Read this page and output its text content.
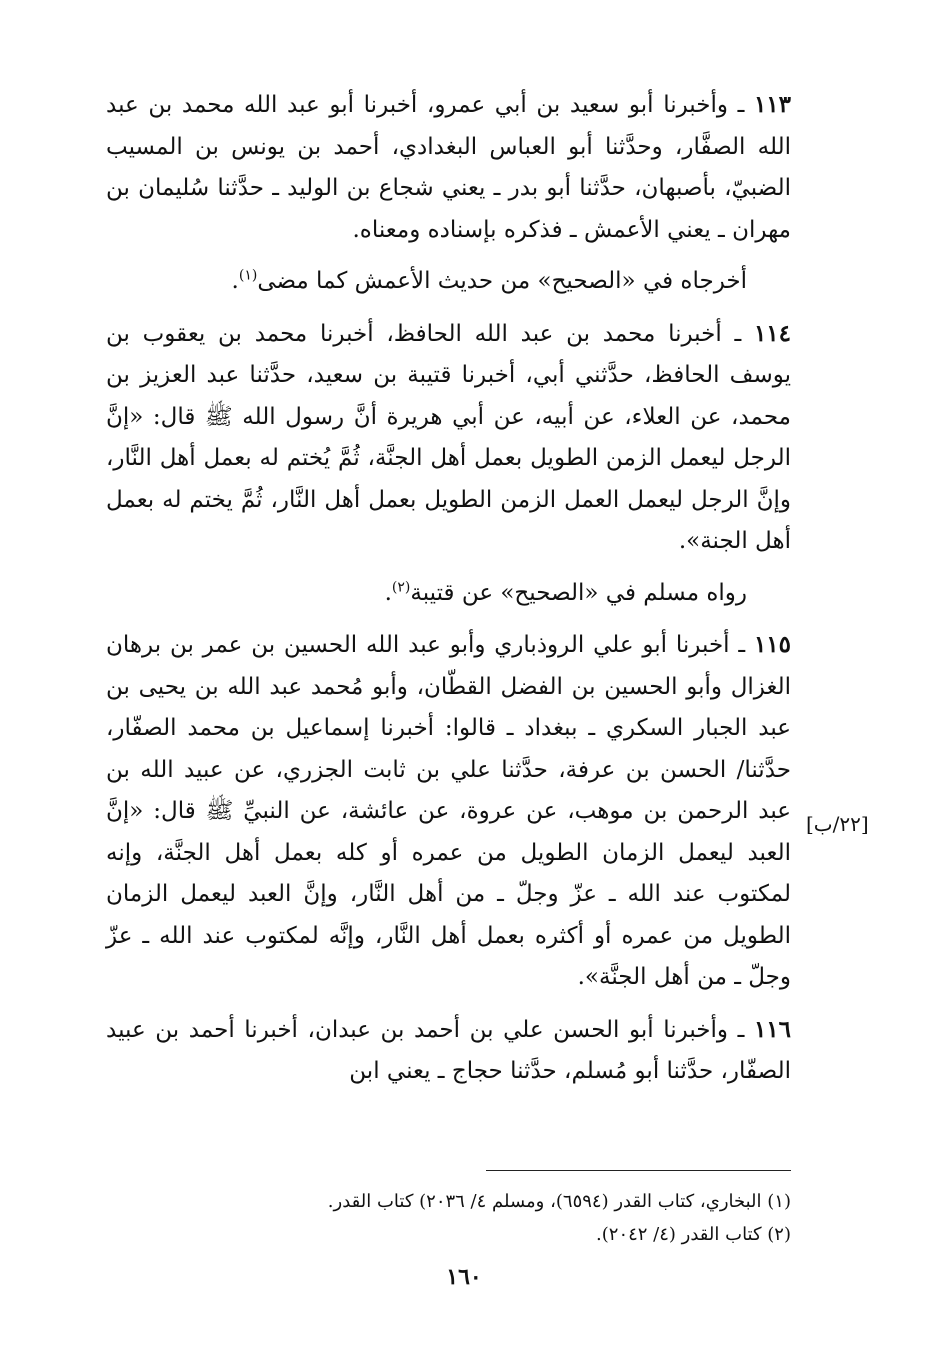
١١٣ ـ وأخبرنا أبو سعيد بن أبي عمرو، أخبرنا أبو عبد الله محمد بن عبد الله الصفَّار، وحدَّثنا أبو العباس البغدادي، أحمد بن يونس بن المسيب الضبيّ، بأصبهان، حدَّثنا أبو بدر ـ يعني شجاع بن الوليد ـ حدَّثنا سُليمان بن مهران ـ يعني الأعمش ـ فذكره بإسناده ومعناه.

أخرجاه في «الصحيح» من حديث الأعمش كما مضى$^{(١)}$.

١١٤ ـ أخبرنا محمد بن عبد الله الحافظ، أخبرنا محمد بن يعقوب بن يوسف الحافظ، حدَّثني أبي، أخبرنا قتيبة بن سعيد، حدَّثنا عبد العزيز بن محمد، عن العلاء، عن أبيه، عن أبي هريرة أنَّ رسول الله ﷺ قال: «إنَّ الرجل ليعمل الزمن الطويل بعمل أهل الجنَّة، ثُمَّ يُختم له بعمل أهل النَّار، وإنَّ الرجل ليعمل العمل الزمن الطويل بعمل أهل النَّار، ثُمَّ يختم له بعمل أهل الجنة».

رواه مسلم في «الصحيح» عن قتيبة$^{(٢)}$.

١١٥ ـ أخبرنا أبو علي الروذباري وأبو عبد الله الحسين بن عمر بن برهان الغزال وأبو الحسين بن الفضل القطّان، وأبو مُحمد عبد الله بن يحيى بن عبد الجبار السكري ـ ببغداد ـ قالوا: أخبرنا إسماعيل بن محمد الصفّار، حدَّثنا/ الحسن بن عرفة، حدَّثنا علي بن ثابت الجزري، عن عبيد الله بن عبد الرحمن بن موهب، عن عروة، عن عائشة، عن النبيِّ ﷺ قال: «إنَّ العبد ليعمل الزمان الطويل من عمره أو كله بعمل أهل الجنَّة، وإنه لمكتوب عند الله ـ عزّ وجلّ ـ من أهل النَّار، وإنَّ العبد ليعمل الزمان الطويل من عمره أو أكثره بعمل أهل النَّار، وإنَّه لمكتوب عند الله ـ عزّ وجلّ ـ من أهل الجنَّة».

١١٦ ـ وأخبرنا أبو الحسن علي بن أحمد بن عبدان، أخبرنا أحمد بن عبيد الصفّار، حدَّثنا أبو مُسلم، حدَّثنا حجاج ـ يعني ابن

[٢٢/ب]

(١) البخاري، كتاب القدر (٦٥٩٤)، ومسلم ٤/ ٢٠٣٦) كتاب القدر.

(٢) كتاب القدر (٤/ ٢٠٤٢).

١٦٠
